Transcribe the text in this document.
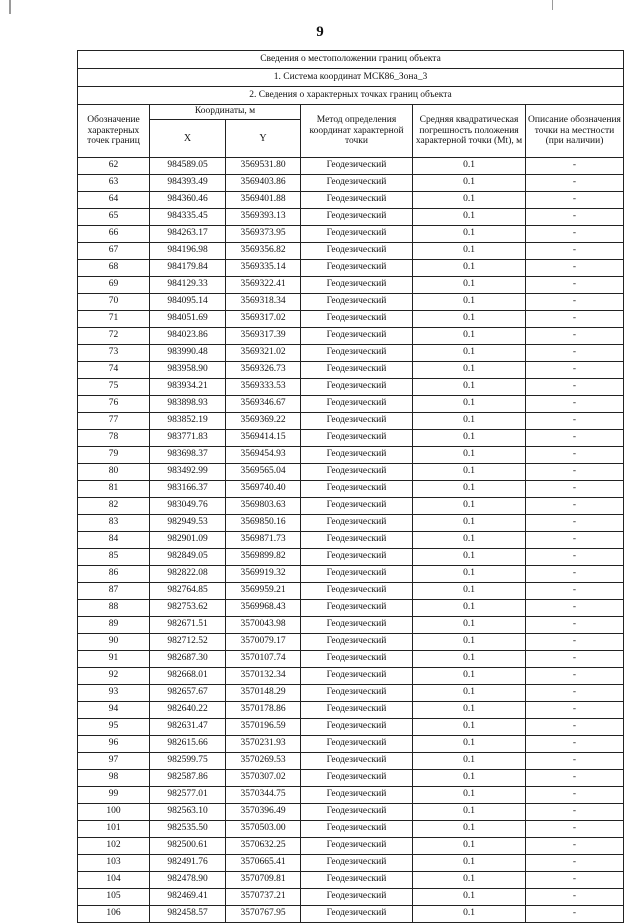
9
Сведения о местоположении границ объекта					
1. Система координат МСК86_Зона_3					
2. Сведения о характерных точках границ объекта					
Обозначение характерных точек границ	Координаты, м		Метод определения координат характерной точки	Средняя квадратическая погрешность положения характерной точки (Mt), м	Описание обозначения точки на местности (при наличии)
	X	Y			
62	984589.05	3569531.80	Геодезический	0.1	-
63	984393.49	3569403.86	Геодезический	0.1	-
64	984360.46	3569401.88	Геодезический	0.1	-
65	984335.45	3569393.13	Геодезический	0.1	-
66	984263.17	3569373.95	Геодезический	0.1	-
67	984196.98	3569356.82	Геодезический	0.1	-
68	984179.84	3569335.14	Геодезический	0.1	-
69	984129.33	3569322.41	Геодезический	0.1	-
70	984095.14	3569318.34	Геодезический	0.1	-
71	984051.69	3569317.02	Геодезический	0.1	-
72	984023.86	3569317.39	Геодезический	0.1	-
73	983990.48	3569321.02	Геодезический	0.1	-
74	983958.90	3569326.73	Геодезический	0.1	-
75	983934.21	3569333.53	Геодезический	0.1	-
76	983898.93	3569346.67	Геодезический	0.1	-
77	983852.19	3569369.22	Геодезический	0.1	-
78	983771.83	3569414.15	Геодезический	0.1	-
79	983698.37	3569454.93	Геодезический	0.1	-
80	983492.99	3569565.04	Геодезический	0.1	-
81	983166.37	3569740.40	Геодезический	0.1	-
82	983049.76	3569803.63	Геодезический	0.1	-
83	982949.53	3569850.16	Геодезический	0.1	-
84	982901.09	3569871.73	Геодезический	0.1	-
85	982849.05	3569899.82	Геодезический	0.1	-
86	982822.08	3569919.32	Геодезический	0.1	-
87	982764.85	3569959.21	Геодезический	0.1	-
88	982753.62	3569968.43	Геодезический	0.1	-
89	982671.51	3570043.98	Геодезический	0.1	-
90	982712.52	3570079.17	Геодезический	0.1	-
91	982687.30	3570107.74	Геодезический	0.1	-
92	982668.01	3570132.34	Геодезический	0.1	-
93	982657.67	3570148.29	Геодезический	0.1	-
94	982640.22	3570178.86	Геодезический	0.1	-
95	982631.47	3570196.59	Геодезический	0.1	-
96	982615.66	3570231.93	Геодезический	0.1	-
97	982599.75	3570269.53	Геодезический	0.1	-
98	982587.86	3570307.02	Геодезический	0.1	-
99	982577.01	3570344.75	Геодезический	0.1	-
100	982563.10	3570396.49	Геодезический	0.1	-
101	982535.50	3570503.00	Геодезический	0.1	-
102	982500.61	3570632.25	Геодезический	0.1	-
103	982491.76	3570665.41	Геодезический	0.1	-
104	982478.90	3570709.81	Геодезический	0.1	-
105	982469.41	3570737.21	Геодезический	0.1	-
106	982458.57	3570767.95	Геодезический	0.1	-
